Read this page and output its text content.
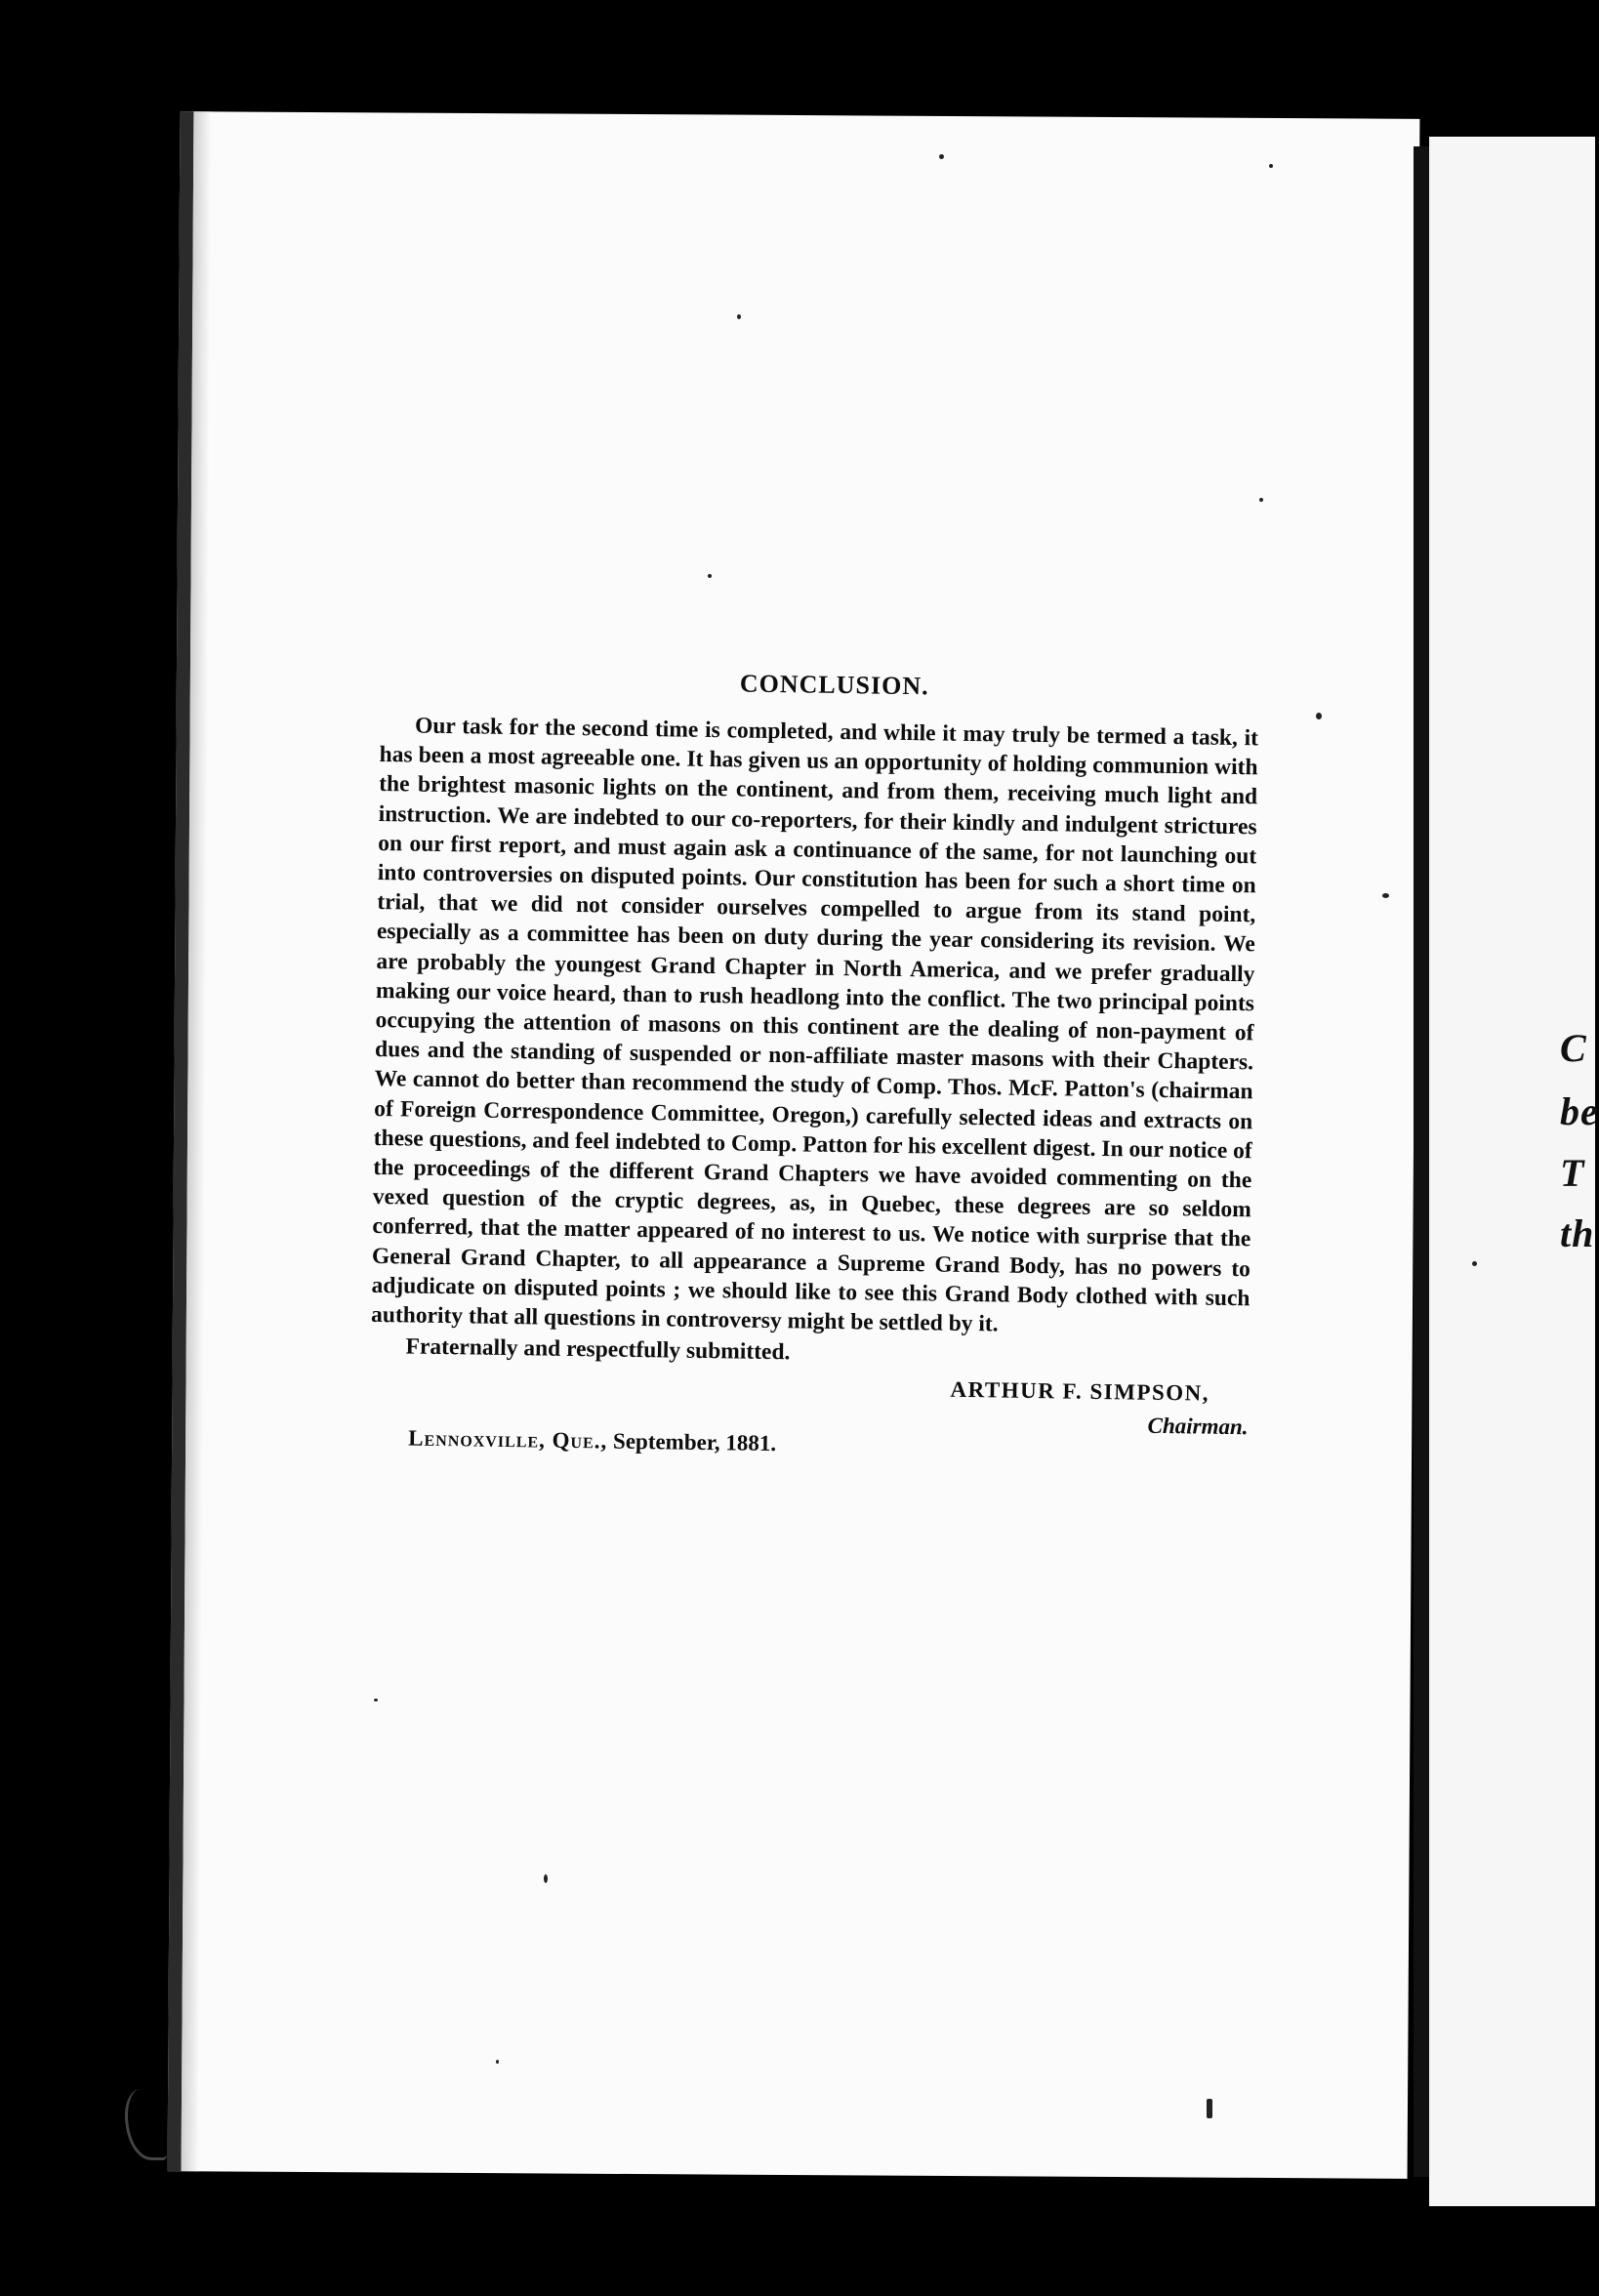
C
be
T
th
CONCLUSION.

Our task for the second time is completed, and while it may truly be termed a task, it has been a most agreeable one. It has given us an opportunity of holding communion with the brightest masonic lights on the continent, and from them, receiving much light and instruction. We are indebted to our co-reporters, for their kindly and indulgent strictures on our first report, and must again ask a continuance of the same, for not launching out into controversies on disputed points. Our constitution has been for such a short time on trial, that we did not consider ourselves compelled to argue from its stand point, especially as a committee has been on duty during the year considering its revision. We are probably the youngest Grand Chapter in North America, and we prefer gradually making our voice heard, than to rush headlong into the conflict. The two principal points occupying the attention of masons on this continent are the dealing of non-payment of dues and the standing of suspended or non-affiliate master masons with their Chapters. We cannot do better than recommend the study of Comp. Thos. McF. Patton's (chairman of Foreign Correspondence Committee, Oregon,) carefully selected ideas and extracts on these questions, and feel indebted to Comp. Patton for his excellent digest. In our notice of the proceedings of the different Grand Chapters we have avoided commenting on the vexed question of the cryptic degrees, as, in Quebec, these degrees are so seldom conferred, that the matter appeared of no interest to us. We notice with surprise that the General Grand Chapter, to all appearance a Supreme Grand Body, has no powers to adjudicate on disputed points ; we should like to see this Grand Body clothed with such authority that all questions in controversy might be settled by it.

Fraternally and respectfully submitted.

ARTHUR F. SIMPSON,
Chairman.
Lennoxville, Que., September, 1881.
